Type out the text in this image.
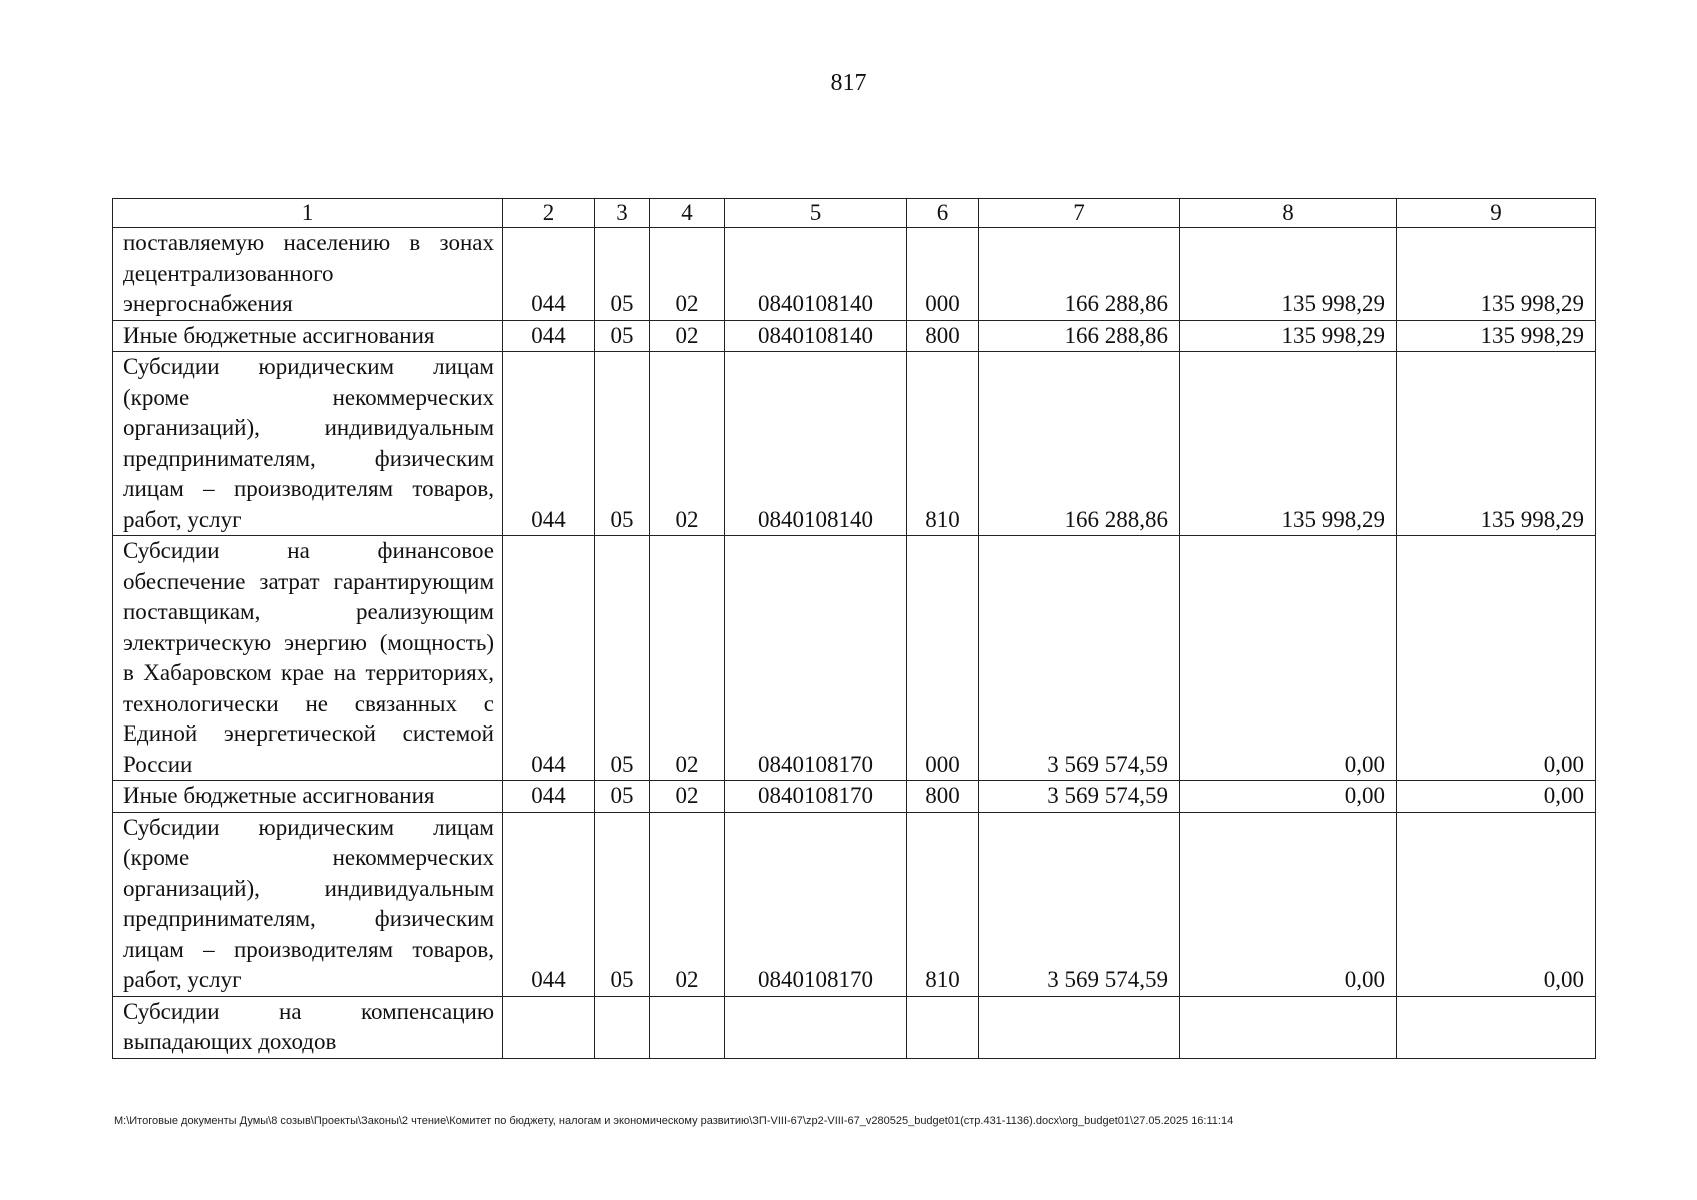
817
1	2	3	4	5	6	7	8	9
поставляемую населению в зонах децентрализованного энергоснабжения	044	05	02	0840108140	000	166 288,86	135 998,29	135 998,29
Иные бюджетные ассигнования	044	05	02	0840108140	800	166 288,86	135 998,29	135 998,29
Субсидии юридическим лицам (кроме некоммерческих организаций), индивидуальным предпринимателям, физическим лицам – производителям товаров, работ, услуг	044	05	02	0840108140	810	166 288,86	135 998,29	135 998,29
Субсидии на финансовое обеспечение затрат гарантирующим поставщикам, реализующим электрическую энергию (мощность) в Хабаровском крае на территориях, технологически не связанных с Единой энергетической системой России	044	05	02	0840108170	000	3 569 574,59	0,00	0,00
Иные бюджетные ассигнования	044	05	02	0840108170	800	3 569 574,59	0,00	0,00
Субсидии юридическим лицам (кроме некоммерческих организаций), индивидуальным предпринимателям, физическим лицам – производителям товаров, работ, услуг	044	05	02	0840108170	810	3 569 574,59	0,00	0,00
Субсидии на компенсацию выпадающих доходов								
M:\Итоговые документы Думы\8 созыв\Проекты\Законы\2 чтение\Комитет по бюджету, налогам и экономическому развитию\ЗП-VIII-67\zp2-VIII-67_v280525_budget01(стр.431-1136).docx\org_budget01\27.05.2025 16:11:14
